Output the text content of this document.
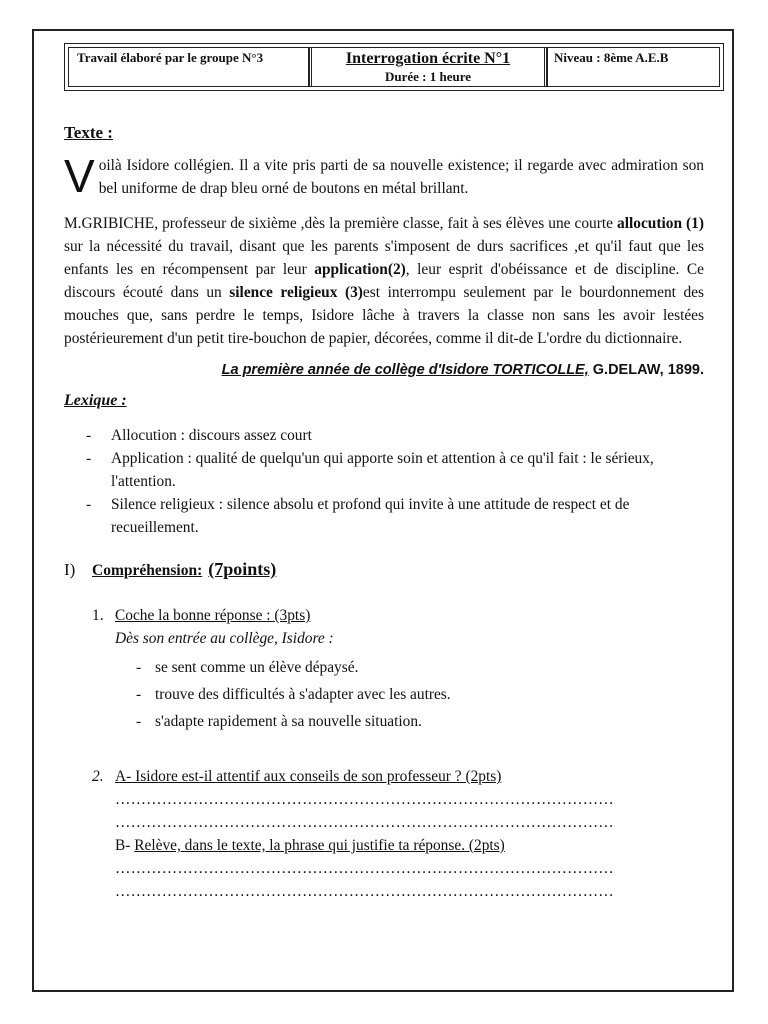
Travail élaboré par le groupe N°3	Interrogation écrite N°1
Durée : 1 heure
Niveau : 8ème A.E.B
Texte :
Voilà Isidore collégien. Il a vite pris parti de sa nouvelle existence; il regarde avec admiration son bel uniforme de drap bleu orné de boutons en métal brillant.
M.GRIBICHE, professeur de sixième ,dès la première classe, fait à ses élèves une courte allocution (1) sur la nécessité du travail, disant que les parents s'imposent de durs sacrifices ,et qu'il faut que les enfants les en récompensent par leur application(2), leur esprit d'obéissance et de discipline. Ce discours écouté dans un silence religieux (3)est interrompu seulement par le bourdonnement des mouches que, sans perdre le temps, Isidore lâche à travers la classe non sans les avoir lestées postérieurement d'un petit tire-bouchon de papier, décorées, comme il dit-de L'ordre du dictionnaire.
La première année de collège d'Isidore TORTICOLLE, G.DELAW, 1899.
Lexique :
- Allocution : discours assez court
- Application : qualité de quelqu'un qui apporte soin et attention à ce qu'il fait : le sérieux, l'attention.
- Silence religieux : silence absolu et profond qui invite à une attitude de respect et de recueillement.
I)	Compréhension: (7points)
1. Coche la bonne réponse : (3pts)
Dès son entrée au collège, Isidore :
- se sent comme un élève dépaysé.
- trouve des difficultés à s'adapter avec les autres.
- s'adapte rapidement à sa nouvelle situation.
2. A- Isidore est-il attentif aux conseils de son professeur ? (2pts)
……………………………………………………………………………………
……………………………………………………………………………………
B- Relève, dans le texte, la phrase qui justifie ta réponse. (2pts)
……………………………………………………………………………………
……………………………………………………………………………………
